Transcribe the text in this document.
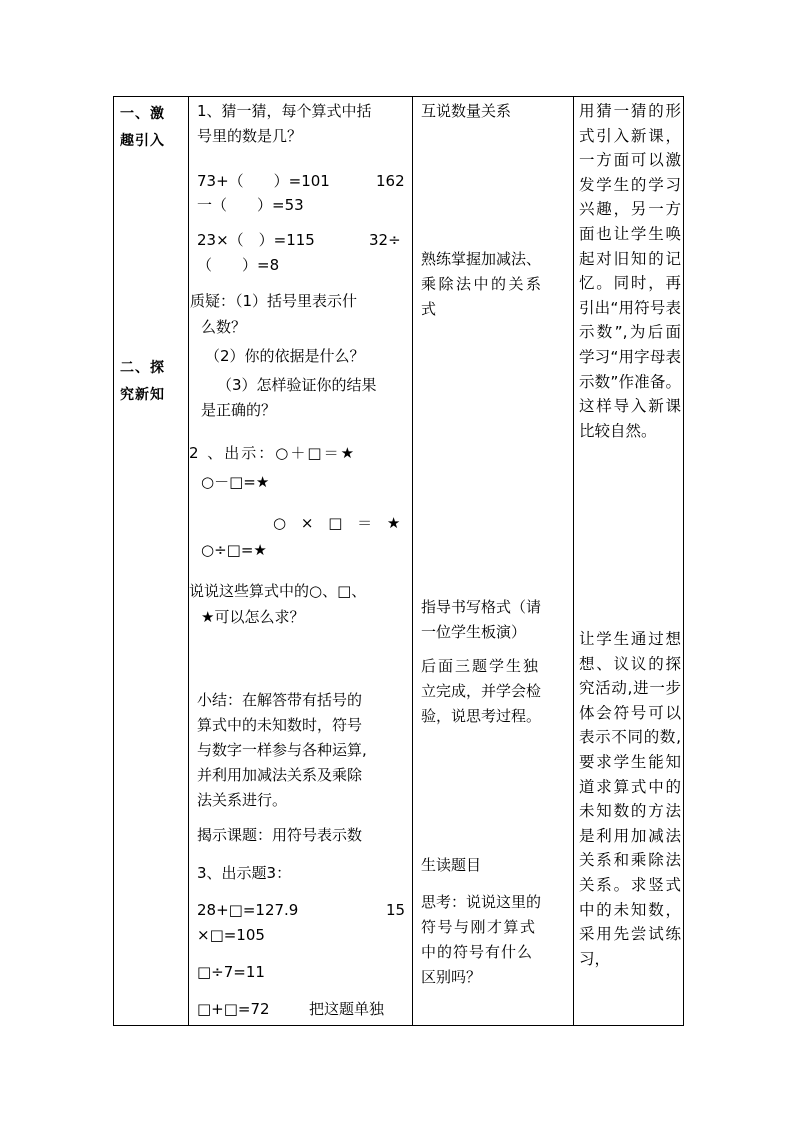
一、激
趣引入
二、探
究新知

1、猜一猜，每个算式中括
号里的数是几？
73+（　　）=101	162
一（　　）=53
23×（　）=115	32÷
（　　）=8
质疑：（1）括号里表示什
么数？
（2）你的依据是什么？
（3）怎样验证你的结果
是正确的？
2 、出示：○＋□＝★
○－□=★
○ × □ ＝ ★
○÷□=★
说说这些算式中的○、□、
★可以怎么求？
小结：在解答带有括号的
算式中的未知数时，符号
与数字一样参与各种运算,
并利用加减法关系及乘除
法关系进行。
揭示课题：用符号表示数
3、出示题3：
28+□=127.9	15
×□=105
□÷7=11
□+□=72	把这题单独

互说数量关系
熟练掌握加减法、
乘除法中的关系
式
指导书写格式（请
一位学生板演）
后面三题学生独
立完成，并学会检
验，说思考过程。
生读题目
思考：说说这里的
符号与刚才算式
中的符号有什么
区别吗？

用猜一猜的形式引入新课，一方面可以激发学生的学习兴趣，另一方面也让学生唤起对旧知的记忆。同时，再引出“用符号表示数”,为后面学习“用字母表示数”作准备。这样导入新课比较自然。
让学生通过想想、议议的探究活动,进一步体会符号可以表示不同的数,要求学生能知道求算式中的未知数的方法是利用加减法关系和乘除法关系。求竖式中的未知数，采用先尝试练习，
